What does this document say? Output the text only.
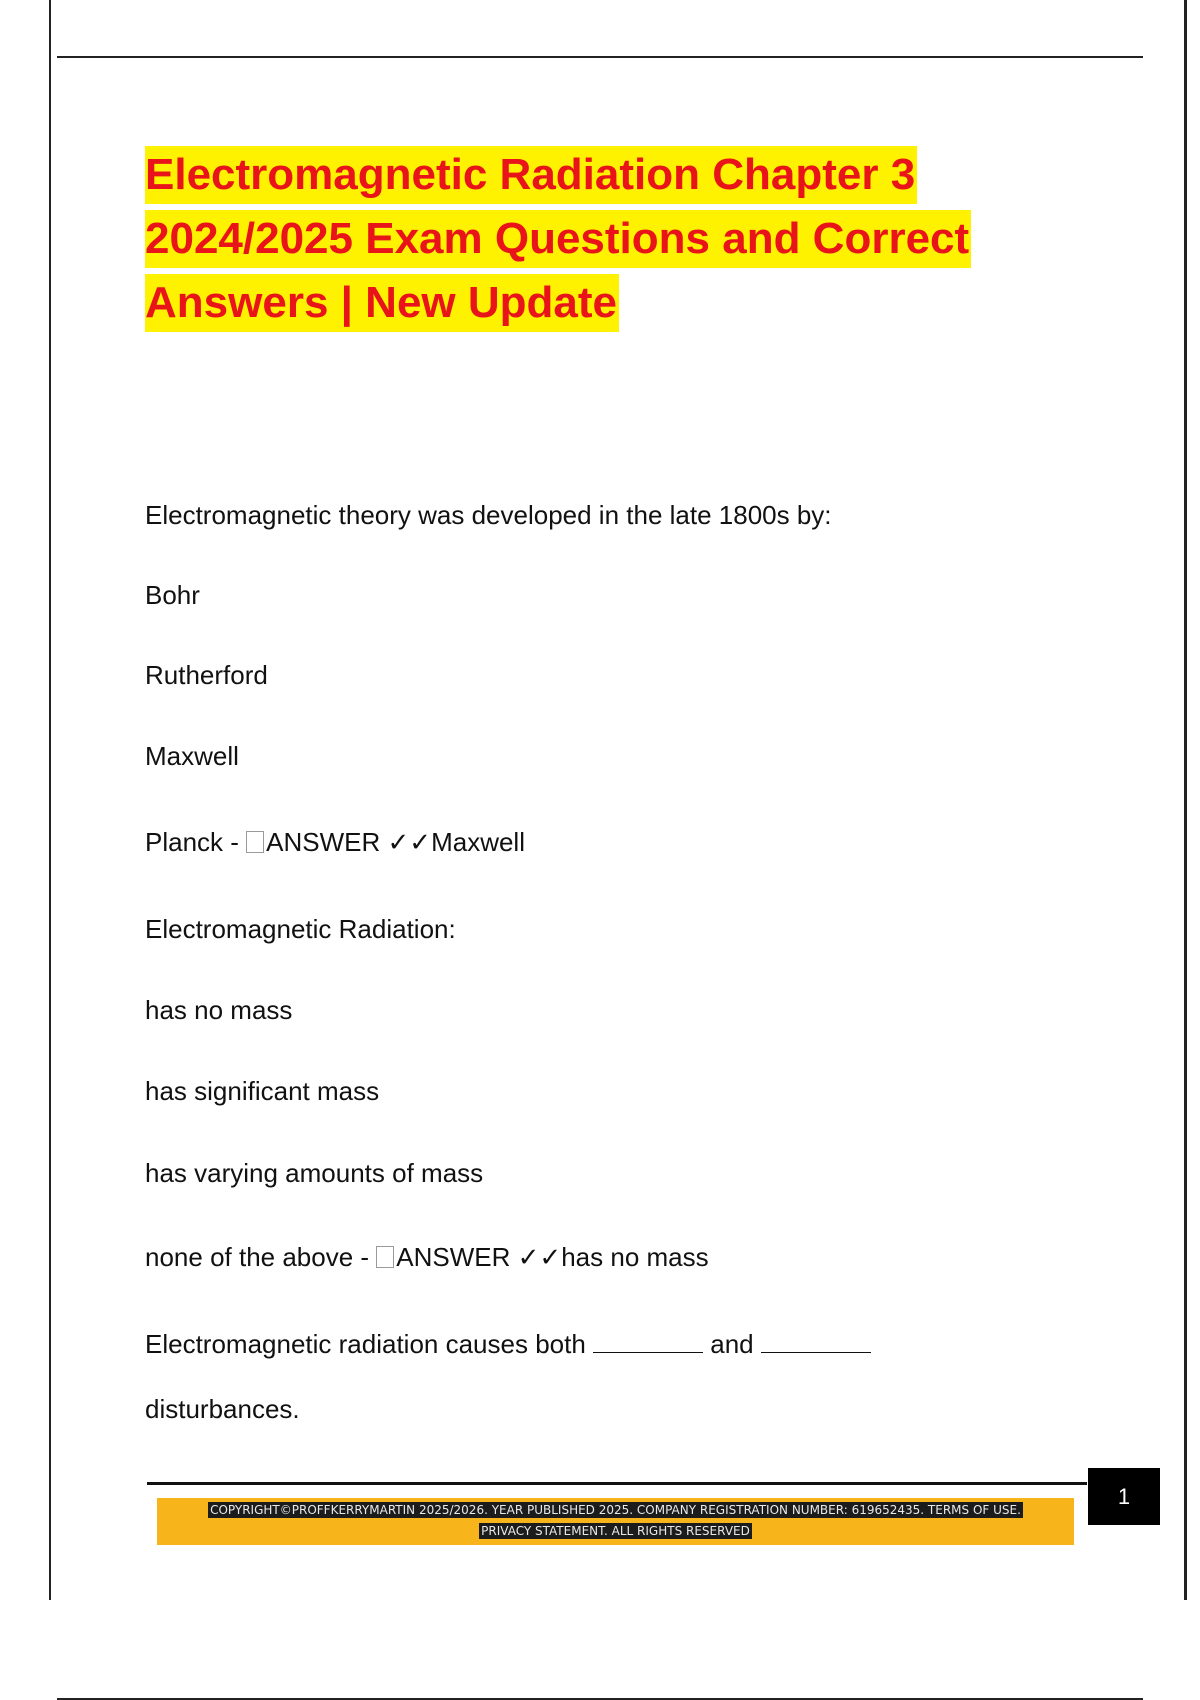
Electromagnetic Radiation Chapter 3
2024/2025 Exam Questions and Correct
Answers | New Update
Electromagnetic theory was developed in the late 1800s by:
Bohr
Rutherford
Maxwell
Planck - ANSWER ✓✓Maxwell
Electromagnetic Radiation:
has no mass
has significant mass
has varying amounts of mass
none of the above - ANSWER ✓✓has no mass
Electromagnetic radiation causes both	and
disturbances.
1
COPYRIGHT©PROFFKERRYMARTIN 2025/2026. YEAR PUBLISHED 2025. COMPANY REGISTRATION NUMBER: 619652435. TERMS OF USE.
PRIVACY STATEMENT. ALL RIGHTS RESERVED
